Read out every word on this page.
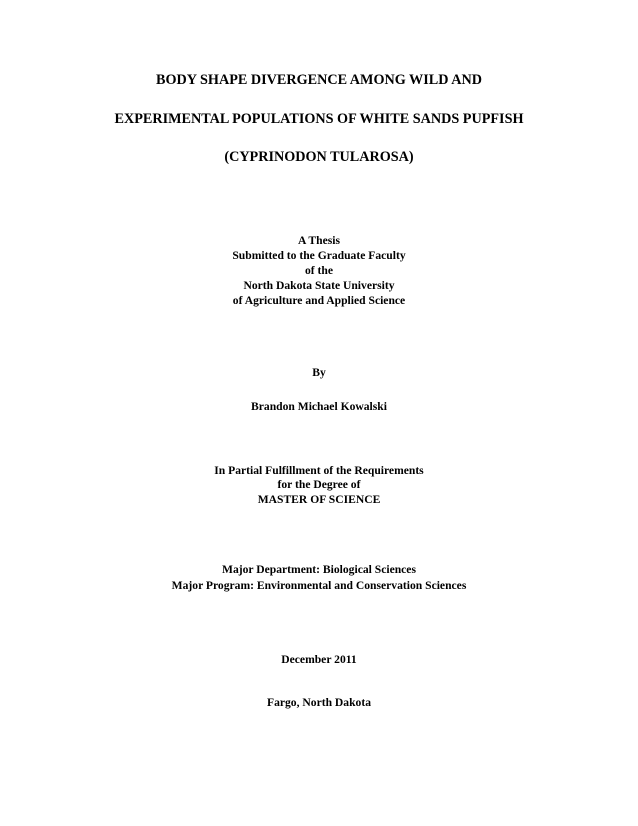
BODY SHAPE DIVERGENCE AMONG WILD AND
EXPERIMENTAL POPULATIONS OF WHITE SANDS PUPFISH
(CYPRINODON TULAROSA)
A Thesis
Submitted to the Graduate Faculty
of the
North Dakota State University
of Agriculture and Applied Science
By
Brandon Michael Kowalski
In Partial Fulfillment of the Requirements
for the Degree of
MASTER OF SCIENCE
Major Department: Biological Sciences
Major Program: Environmental and Conservation Sciences
December 2011
Fargo, North Dakota
